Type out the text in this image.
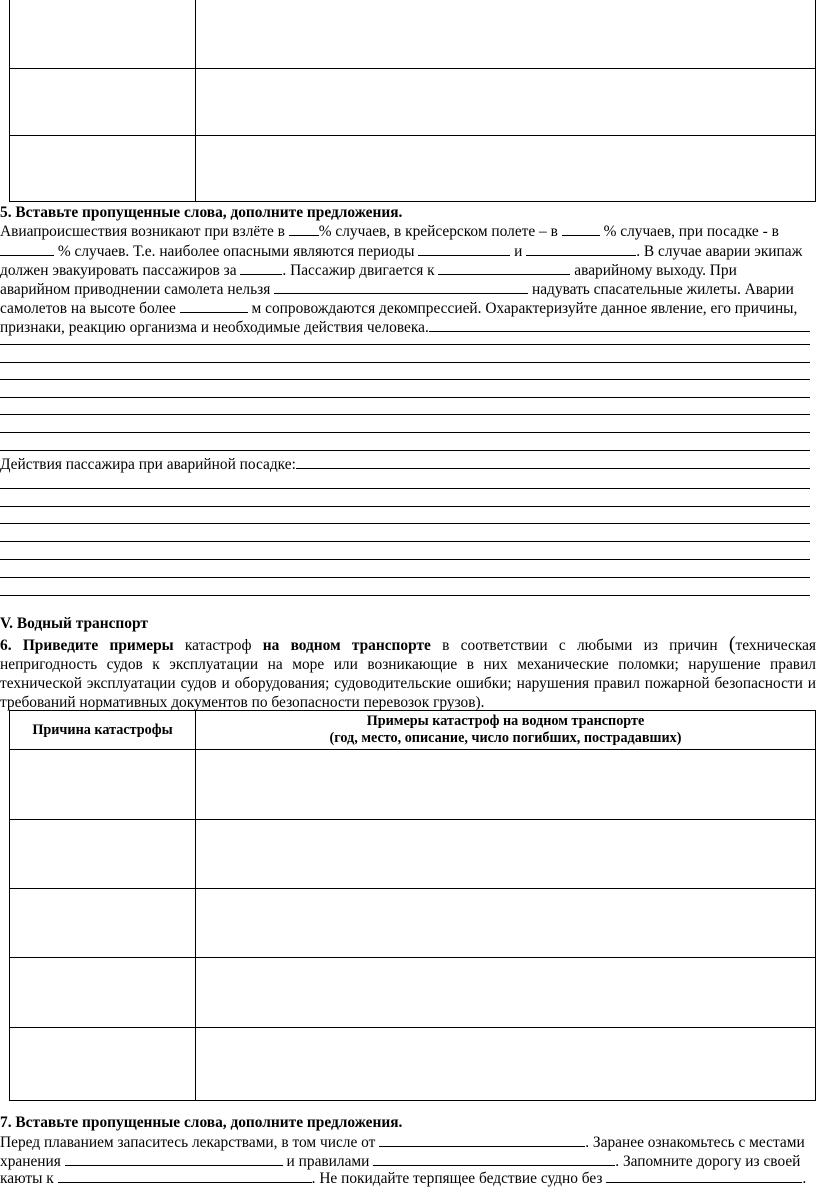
5. Вставьте пропущенные слова, дополните предложения.
Авиапроисшествия возникают при взлёте в % случаев, в крейсерском полете – в  % случаев, при посадке - в
% случаев. Т.е. наиболее опасными являются периоды	и	. В случае аварии экипаж
должен эвакуировать пассажиров за	. Пассажир двигается к	аварийному выходу. При
аварийном приводнении самолета нельзя	надувать спасательные жилеты. Аварии
самолетов на высоте более	м сопровождаются декомпрессией. Охарактеризуйте данное явление, его причины,
признаки, реакцию организма и необходимые действия человека.
Действия пассажира при аварийной посадке:
V. Водный транспорт
6. Приведите примеры катастроф на водном транспорте в соответствии с любыми из причин (техническая
непригодность судов к эксплуатации на море или возникающие в них механические поломки; нарушение правил технической эксплуатации судов и оборудования; судоводительские ошибки; нарушения правил пожарной безопасности и требований нормативных документов по безопасности перевозок грузов).
Причина катастрофы	Примеры катастроф на водном транспорте
(год, место, описание, число погибших, пострадавших)

7. Вставьте пропущенные слова, дополните предложения.
Перед плаванием запаситесь лекарствами, в том числе от	. Заранее ознакомьтесь с местами
хранения	и правилами	. Запомните дорогу из своей
каюты к	. Не покидайте терпящее бедствие судно без	.
